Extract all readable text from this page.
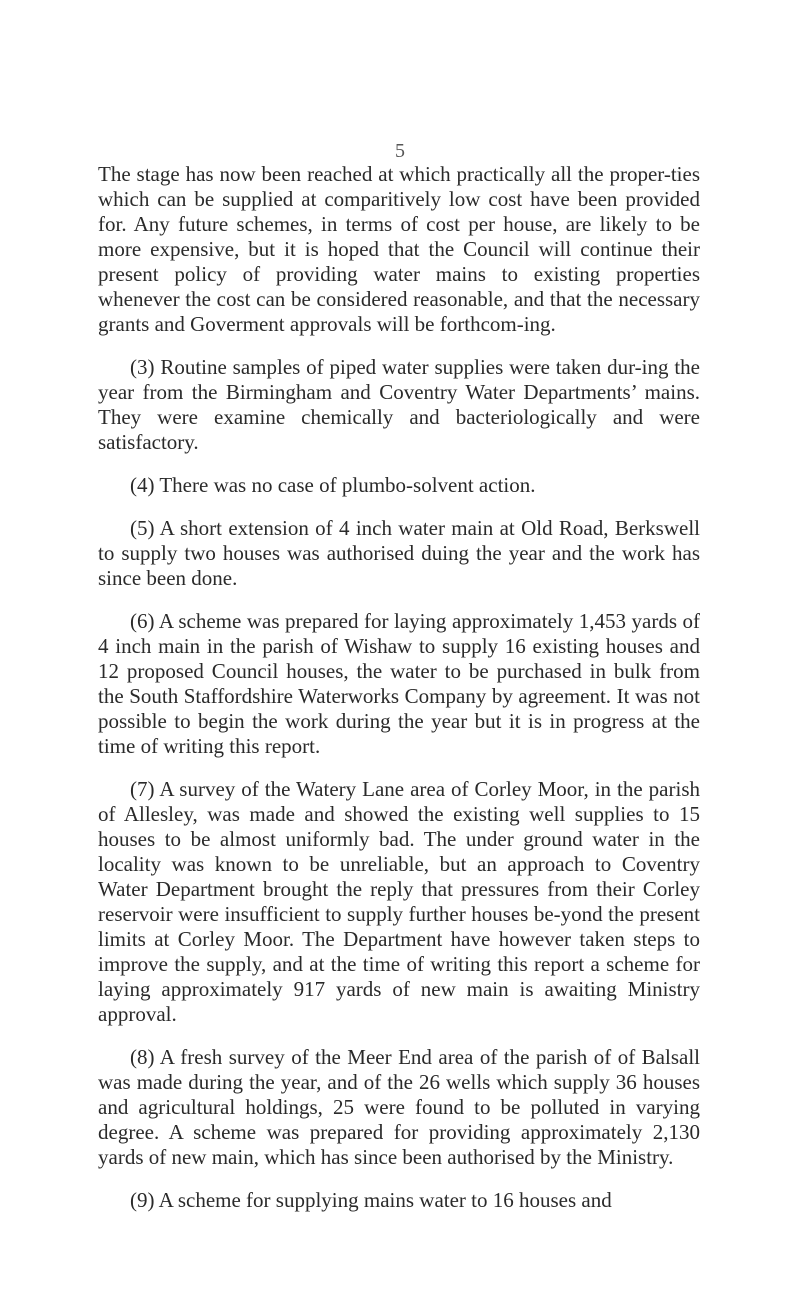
5

The stage has now been reached at which practically all the proper-ties which can be supplied at comparitively low cost have been provided for. Any future schemes, in terms of cost per house, are likely to be more expensive, but it is hoped that the Council will continue their present policy of providing water mains to existing properties whenever the cost can be considered reasonable, and that the necessary grants and Goverment approvals will be forthcom-ing.

(3) Routine samples of piped water supplies were taken dur-ing the year from the Birmingham and Coventry Water Departments’ mains. They were examine chemically and bacteriologically and were satisfactory.

(4) There was no case of plumbo-solvent action.

(5) A short extension of 4 inch water main at Old Road, Berkswell to supply two houses was authorised duing the year and the work has since been done.

(6) A scheme was prepared for laying approximately 1,453 yards of 4 inch main in the parish of Wishaw to supply 16 existing houses and 12 proposed Council houses, the water to be purchased in bulk from the South Staffordshire Waterworks Company by agreement. It was not possible to begin the work during the year but it is in progress at the time of writing this report.

(7) A survey of the Watery Lane area of Corley Moor, in the parish of Allesley, was made and showed the existing well supplies to 15 houses to be almost uniformly bad. The under ground water in the locality was known to be unreliable, but an approach to Coventry Water Department brought the reply that pressures from their Corley reservoir were insufficient to supply further houses be-yond the present limits at Corley Moor. The Department have however taken steps to improve the supply, and at the time of writing this report a scheme for laying approximately 917 yards of new main is awaiting Ministry approval.

(8) A fresh survey of the Meer End area of the parish of of Balsall was made during the year, and of the 26 wells which supply 36 houses and agricultural holdings, 25 were found to be polluted in varying degree. A scheme was prepared for providing approximately 2,130 yards of new main, which has since been authorised by the Ministry.

(9) A scheme for supplying mains water to 16 houses and
